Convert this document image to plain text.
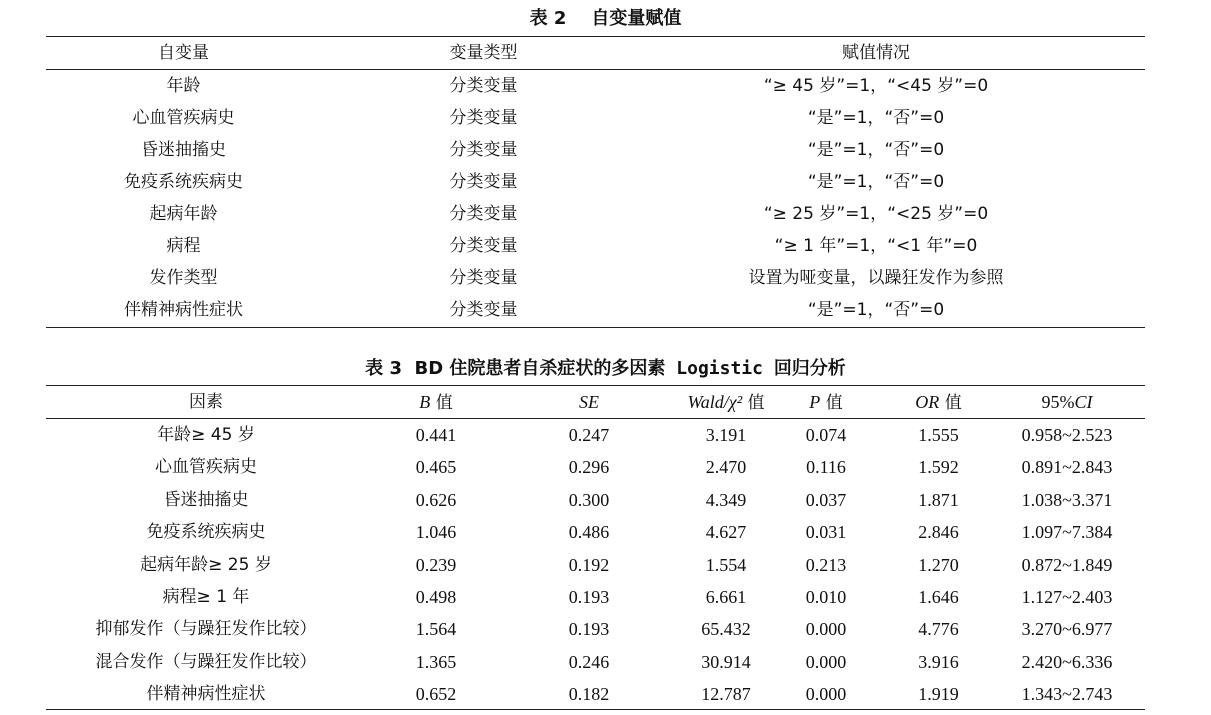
表 2    自变量赋值
自变量	变量类型	赋值情况
年龄	分类变量	“≥ 45 岁”=1，“<45 岁”=0
心血管疾病史	分类变量	“是”=1，“否”=0
昏迷抽搐史	分类变量	“是”=1，“否”=0
免疫系统疾病史	分类变量	“是”=1，“否”=0
起病年龄	分类变量	“≥ 25 岁”=1，“<25 岁”=0
病程	分类变量	“≥ 1 年”=1，“<1 年”=0
发作类型	分类变量	设置为哑变量，以躁狂发作为参照
伴精神病性症状	分类变量	“是”=1，“否”=0
表 3  BD 住院患者自杀症状的多因素 Logistic 回归分析
因素	B 值	SE	Wald/χ² 值	P 值	OR 值	95%CI
年龄≥ 45 岁	0.441	0.247	3.191	0.074	1.555	0.958~2.523
心血管疾病史	0.465	0.296	2.470	0.116	1.592	0.891~2.843
昏迷抽搐史	0.626	0.300	4.349	0.037	1.871	1.038~3.371
免疫系统疾病史	1.046	0.486	4.627	0.031	2.846	1.097~7.384
起病年龄≥ 25 岁	0.239	0.192	1.554	0.213	1.270	0.872~1.849
病程≥ 1 年	0.498	0.193	6.661	0.010	1.646	1.127~2.403
抑郁发作（与躁狂发作比较）	1.564	0.193	65.432	0.000	4.776	3.270~6.977
混合发作（与躁狂发作比较）	1.365	0.246	30.914	0.000	3.916	2.420~6.336
伴精神病性症状	0.652	0.182	12.787	0.000	1.919	1.343~2.743
